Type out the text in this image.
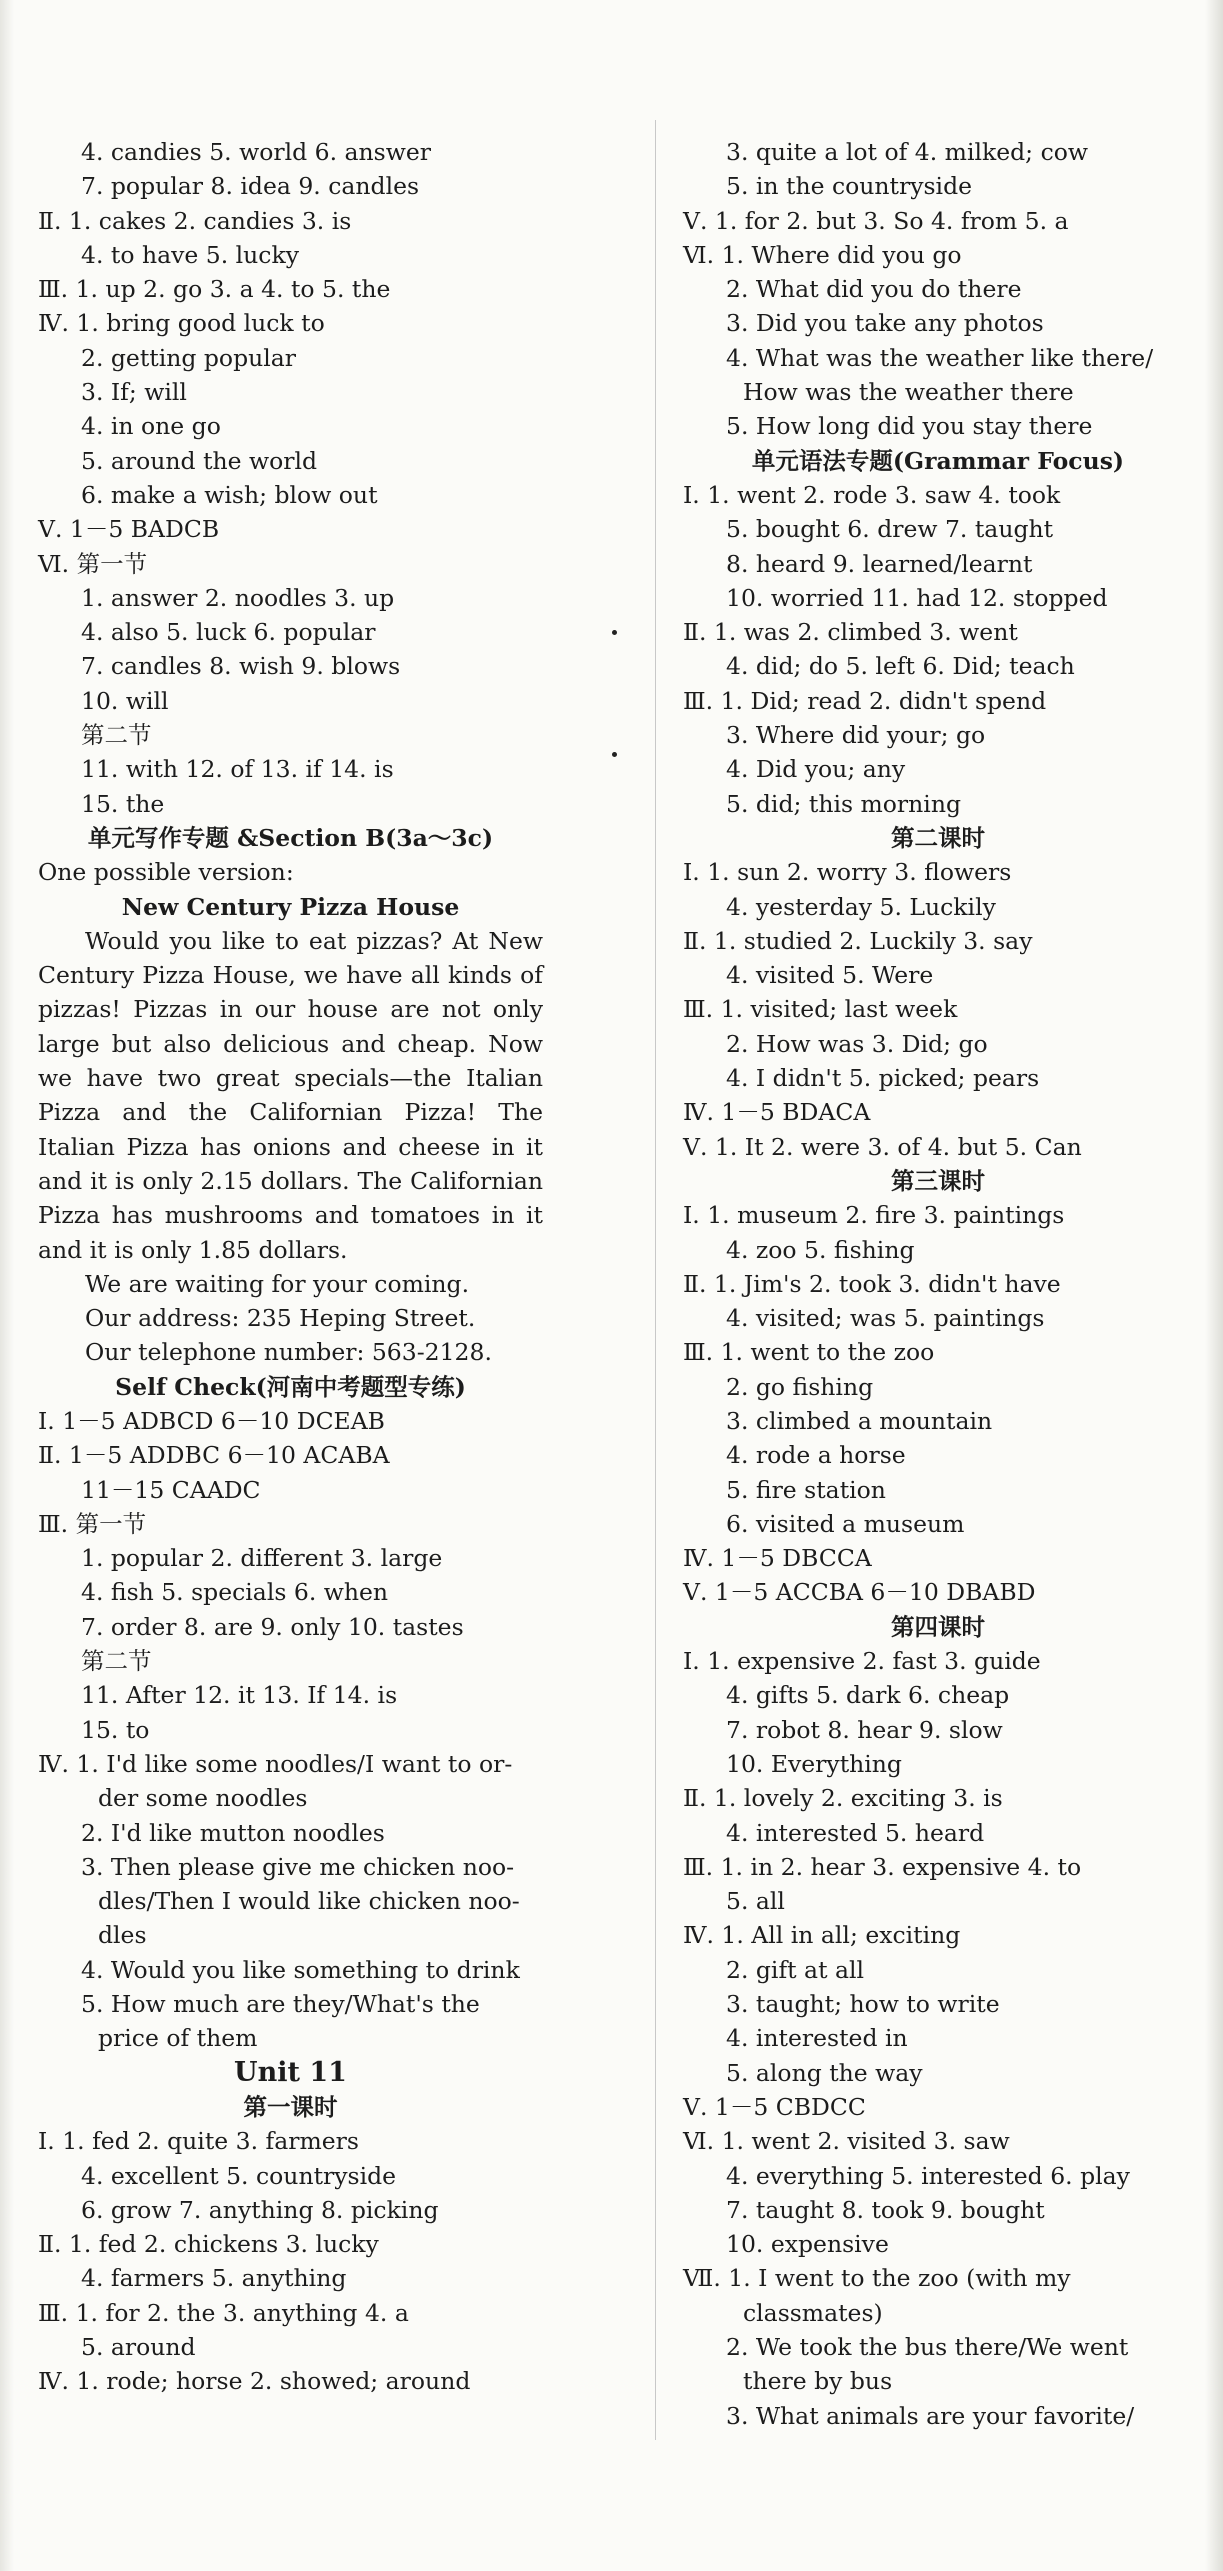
4. candies 5. world 6. answer
7. popular 8. idea 9. candles
Ⅱ. 1. cakes 2. candies 3. is
4. to have 5. lucky
Ⅲ. 1. up 2. go 3. a 4. to 5. the
Ⅳ. 1. bring good luck to
2. getting popular
3. If; will
4. in one go
5. around the world
6. make a wish; blow out
Ⅴ. 1－5 BADCB
Ⅵ. 第一节
1. answer 2. noodles 3. up
4. also 5. luck 6. popular
7. candles 8. wish 9. blows
10. will
第二节
11. with 12. of 13. if 14. is
15. the
单元写作专题 &Section B(3a～3c)
One possible version:
New Century Pizza House

Would you like to eat pizzas? At New Century Pizza House, we have all kinds of pizzas! Pizzas in our house are not only large but also delicious and cheap. Now we have two great specials—the Italian Pizza and the Californian Pizza! The Italian Pizza has onions and cheese in it and it is only 2.15 dollars. The Californian Pizza has mushrooms and tomatoes in it and it is only 1.85 dollars.

We are waiting for your coming.

Our address: 235 Heping Street.

Our telephone number: 563-2128.

Self Check(河南中考题型专练)
Ⅰ. 1－5 ADBCD 6－10 DCEAB
Ⅱ. 1－5 ADDBC 6－10 ACABA
11－15 CAADC
Ⅲ. 第一节
1. popular 2. different 3. large
4. fish 5. specials 6. when
7. order 8. are 9. only 10. tastes
第二节
11. After 12. it 13. If 14. is
15. to
Ⅳ. 1. I'd like some noodles/I want to or-
der some noodles
2. I'd like mutton noodles
3. Then please give me chicken noo-
dles/Then I would like chicken noo-
dles
4. Would you like something to drink
5. How much are they/What's the
price of them
Unit 11
第一课时
Ⅰ. 1. fed 2. quite 3. farmers
4. excellent 5. countryside
6. grow 7. anything 8. picking
Ⅱ. 1. fed 2. chickens 3. lucky
4. farmers 5. anything
Ⅲ. 1. for 2. the 3. anything 4. a
5. around
Ⅳ. 1. rode; horse 2. showed; around
3. quite a lot of 4. milked; cow
5. in the countryside
Ⅴ. 1. for 2. but 3. So 4. from 5. a
Ⅵ. 1. Where did you go
2. What did you do there
3. Did you take any photos
4. What was the weather like there/
How was the weather there
5. How long did you stay there
单元语法专题(Grammar Focus)
Ⅰ. 1. went 2. rode 3. saw 4. took
5. bought 6. drew 7. taught
8. heard 9. learned/learnt
10. worried 11. had 12. stopped
Ⅱ. 1. was 2. climbed 3. went
4. did; do 5. left 6. Did; teach
Ⅲ. 1. Did; read 2. didn't spend
3. Where did your; go
4. Did you; any
5. did; this morning
第二课时
Ⅰ. 1. sun 2. worry 3. flowers
4. yesterday 5. Luckily
Ⅱ. 1. studied 2. Luckily 3. say
4. visited 5. Were
Ⅲ. 1. visited; last week
2. How was 3. Did; go
4. I didn't 5. picked; pears
Ⅳ. 1－5 BDACA
Ⅴ. 1. It 2. were 3. of 4. but 5. Can
第三课时
Ⅰ. 1. museum 2. fire 3. paintings
4. zoo 5. fishing
Ⅱ. 1. Jim's 2. took 3. didn't have
4. visited; was 5. paintings
Ⅲ. 1. went to the zoo
2. go fishing
3. climbed a mountain
4. rode a horse
5. fire station
6. visited a museum
Ⅳ. 1－5 DBCCA
Ⅴ. 1－5 ACCBA 6－10 DBABD
第四课时
Ⅰ. 1. expensive 2. fast 3. guide
4. gifts 5. dark 6. cheap
7. robot 8. hear 9. slow
10. Everything
Ⅱ. 1. lovely 2. exciting 3. is
4. interested 5. heard
Ⅲ. 1. in 2. hear 3. expensive 4. to
5. all
Ⅳ. 1. All in all; exciting
2. gift at all
3. taught; how to write
4. interested in
5. along the way
Ⅴ. 1－5 CBDCC
Ⅵ. 1. went 2. visited 3. saw
4. everything 5. interested 6. play
7. taught 8. took 9. bought
10. expensive
Ⅶ. 1. I went to the zoo (with my
classmates)
2. We took the bus there/We went
there by bus
3. What animals are your favorite/
